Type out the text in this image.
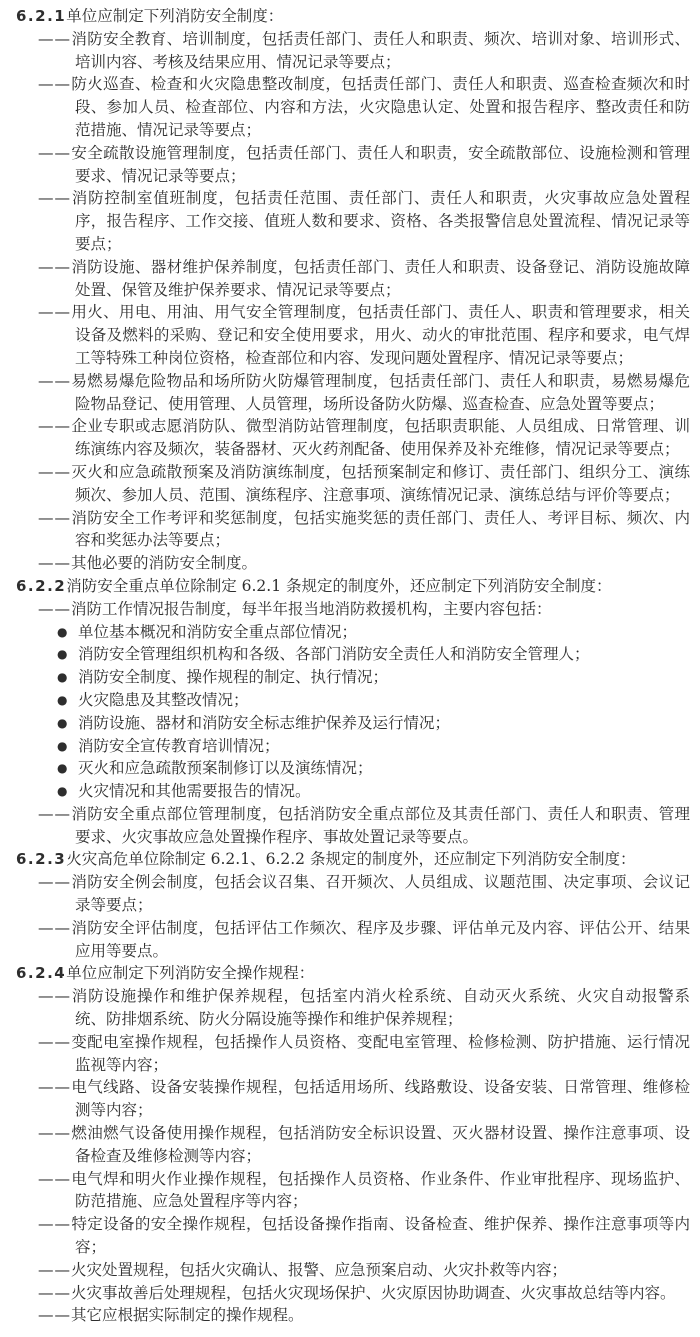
6.2.1单位应制定下列消防安全制度：
——消防安全教育、培训制度，包括责任部门、责任人和职责、频次、培训对象、培训形式、培训内容、考核及结果应用、情况记录等要点；
——防火巡查、检查和火灾隐患整改制度，包括责任部门、责任人和职责、巡查检查频次和时段、参加人员、检查部位、内容和方法，火灾隐患认定、处置和报告程序、整改责任和防范措施、情况记录等要点；
——安全疏散设施管理制度，包括责任部门、责任人和职责，安全疏散部位、设施检测和管理要求、情况记录等要点；
——消防控制室值班制度，包括责任范围、责任部门、责任人和职责，火灾事故应急处置程序，报告程序、工作交接、值班人数和要求、资格、各类报警信息处置流程、情况记录等要点；
——消防设施、器材维护保养制度，包括责任部门、责任人和职责、设备登记、消防设施故障处置、保管及维护保养要求、情况记录等要点；
——用火、用电、用油、用气安全管理制度，包括责任部门、责任人、职责和管理要求，相关设备及燃料的采购、登记和安全使用要求，用火、动火的审批范围、程序和要求，电气焊工等特殊工种岗位资格，检查部位和内容、发现问题处置程序、情况记录等要点；
——易燃易爆危险物品和场所防火防爆管理制度，包括责任部门、责任人和职责，易燃易爆危险物品登记、使用管理、人员管理，场所设备防火防爆、巡查检查、应急处置等要点；
——企业专职或志愿消防队、微型消防站管理制度，包括职责职能、人员组成、日常管理、训练演练内容及频次，装备器材、灭火药剂配备、使用保养及补充维修，情况记录等要点；
——灭火和应急疏散预案及消防演练制度，包括预案制定和修订、责任部门、组织分工、演练频次、参加人员、范围、演练程序、注意事项、演练情况记录、演练总结与评价等要点；
——消防安全工作考评和奖惩制度，包括实施奖惩的责任部门、责任人、考评目标、频次、内容和奖惩办法等要点；
——其他必要的消防安全制度。
6.2.2消防安全重点单位除制定 6.2.1 条规定的制度外，还应制定下列消防安全制度：
——消防工作情况报告制度，每半年报当地消防救援机构，主要内容包括：
● 单位基本概况和消防安全重点部位情况；
● 消防安全管理组织机构和各级、各部门消防安全责任人和消防安全管理人；
● 消防安全制度、操作规程的制定、执行情况；
● 火灾隐患及其整改情况；
● 消防设施、器材和消防安全标志维护保养及运行情况；
● 消防安全宣传教育培训情况；
● 灭火和应急疏散预案制修订以及演练情况；
● 火灾情况和其他需要报告的情况。
——消防安全重点部位管理制度，包括消防安全重点部位及其责任部门、责任人和职责、管理要求、火灾事故应急处置操作程序、事故处置记录等要点。
6.2.3火灾高危单位除制定 6.2.1、6.2.2 条规定的制度外，还应制定下列消防安全制度：
——消防安全例会制度，包括会议召集、召开频次、人员组成、议题范围、决定事项、会议记录等要点；
——消防安全评估制度，包括评估工作频次、程序及步骤、评估单元及内容、评估公开、结果应用等要点。
6.2.4单位应制定下列消防安全操作规程：
——消防设施操作和维护保养规程，包括室内消火栓系统、自动灭火系统、火灾自动报警系统、防排烟系统、防火分隔设施等操作和维护保养规程；
——变配电室操作规程，包括操作人员资格、变配电室管理、检修检测、防护措施、运行情况监视等内容；
——电气线路、设备安装操作规程，包括适用场所、线路敷设、设备安装、日常管理、维修检测等内容；
——燃油燃气设备使用操作规程，包括消防安全标识设置、灭火器材设置、操作注意事项、设备检查及维修检测等内容；
——电气焊和明火作业操作规程，包括操作人员资格、作业条件、作业审批程序、现场监护、防范措施、应急处置程序等内容；
——特定设备的安全操作规程，包括设备操作指南、设备检查、维护保养、操作注意事项等内容；
——火灾处置规程，包括火灾确认、报警、应急预案启动、火灾扑救等内容；
——火灾事故善后处理规程，包括火灾现场保护、火灾原因协助调查、火灾事故总结等内容。
——其它应根据实际制定的操作规程。
